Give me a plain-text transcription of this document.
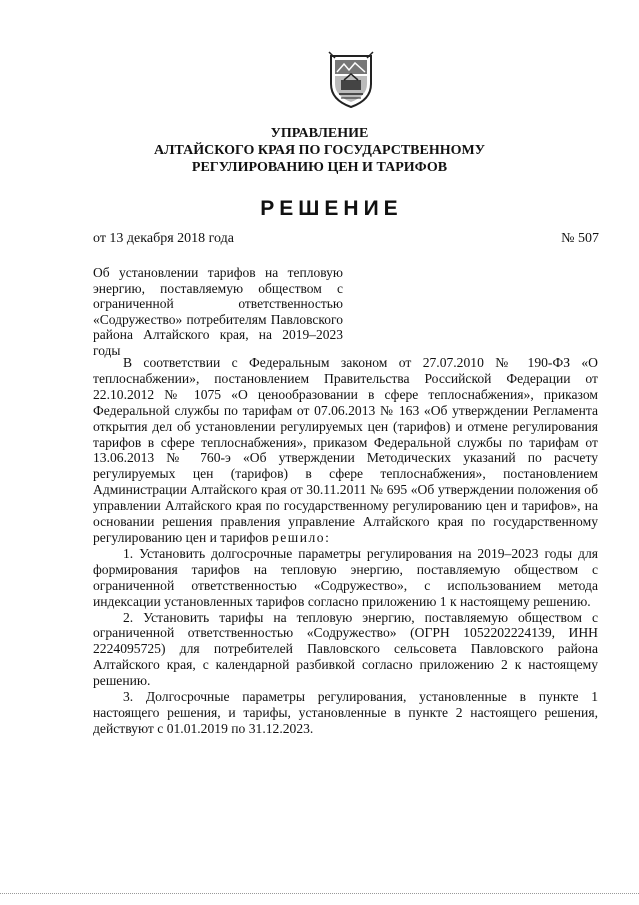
УПРАВЛЕНИЕ
АЛТАЙСКОГО КРАЯ ПО ГОСУДАРСТВЕННОМУ
РЕГУЛИРОВАНИЮ ЦЕН И ТАРИФОВ
РЕШЕНИЕ
от 13 декабря 2018 года	№ 507
Об установлении тарифов на тепловую энергию, поставляемую обществом с ограниченной ответственностью «Содружество» потребителям Павловского района Алтайского края, на 2019–2023 годы

В соответствии с Федеральным законом от 27.07.2010 № 190-ФЗ «О теплоснабжении», постановлением Правительства Российской Федерации от 22.10.2012 № 1075 «О ценообразовании в сфере теплоснабжения», приказом Федеральной службы по тарифам от 07.06.2013 № 163 «Об утверждении Регламента открытия дел об установлении регулируемых цен (тарифов) и отмене регулирования тарифов в сфере теплоснабжения», приказом Федеральной службы по тарифам от 13.06.2013 № 760-э «Об утверждении Методических указаний по расчету регулируемых цен (тарифов) в сфере теплоснабжения», постановлением Администрации Алтайского края от 30.11.2011 № 695 «Об утверждении положения об управлении Алтайского края по государственному регулированию цен и тарифов», на основании решения правления управление Алтайского края по государственному регулированию цен и тарифов решило:

1. Установить долгосрочные параметры регулирования на 2019–2023 годы для формирования тарифов на тепловую энергию, поставляемую обществом с ограниченной ответственностью «Содружество», с использованием метода индексации установленных тарифов согласно приложению 1 к настоящему решению.

2. Установить тарифы на тепловую энергию, поставляемую обществом с ограниченной ответственностью «Содружество» (ОГРН 1052202224139, ИНН 2224095725) для потребителей Павловского сельсовета Павловского района Алтайского края, с календарной разбивкой согласно приложению 2 к настоящему решению.

3. Долгосрочные параметры регулирования, установленные в пункте 1 настоящего решения, и тарифы, установленные в пункте 2 настоящего решения, действуют с 01.01.2019 по 31.12.2023.
